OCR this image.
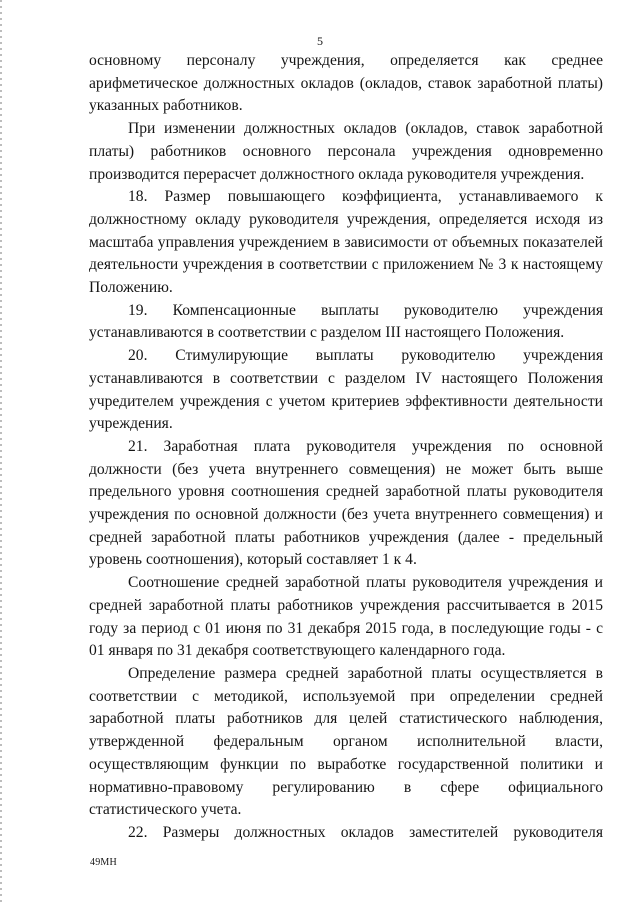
5

основному персоналу учреждения, определяется как среднее арифметическое должностных окладов (окладов, ставок заработной платы) указанных работников.

При изменении должностных окладов (окладов, ставок заработной платы) работников основного персонала учреждения одновременно производится перерасчет должностного оклада руководителя учреждения.

18. Размер повышающего коэффициента, устанавливаемого к должностному окладу руководителя учреждения, определяется исходя из масштаба управления учреждением в зависимости от объемных показателей деятельности учреждения в соответствии с приложением № 3 к настоящему Положению.

19. Компенсационные выплаты руководителю учреждения устанавливаются в соответствии с разделом III настоящего Положения.

20. Стимулирующие выплаты руководителю учреждения устанавливаются в соответствии с разделом IV настоящего Положения учредителем учреждения с учетом критериев эффективности деятельности учреждения.

21. Заработная плата руководителя учреждения по основной должности (без учета внутреннего совмещения) не может быть выше предельного уровня соотношения средней заработной платы руководителя учреждения по основной должности (без учета внутреннего совмещения) и средней заработной платы работников учреждения (далее - предельный уровень соотношения), который составляет 1 к 4.

Соотношение средней заработной платы руководителя учреждения и средней заработной платы работников учреждения рассчитывается в 2015 году за период с 01 июня по 31 декабря 2015 года, в последующие годы - с 01 января по 31 декабря соответствующего календарного года.

Определение размера средней заработной платы осуществляется в соответствии с методикой, используемой при определении средней заработной платы работников для целей статистического наблюдения, утвержденной федеральным органом исполнительной власти, осуществляющим функции по выработке государственной политики и нормативно-правовому регулированию в сфере официального статистического учета.

22. Размеры должностных окладов заместителей руководителя

49МН
